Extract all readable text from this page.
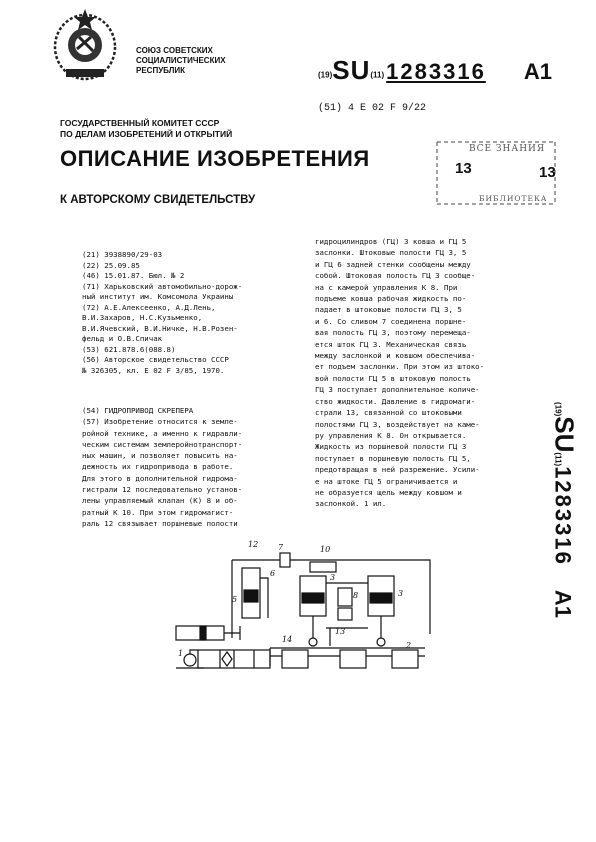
СОЮЗ СОВЕТСКИХ
СОЦИАЛИСТИЧЕСКИХ
РЕСПУБЛИК	(19)SU(11)1283316 A1
(51) 4 E 02 F 9/22
ГОСУДАРСТВЕННЫЙ КОМИТЕТ СССР
ПО ДЕЛАМ ИЗОБРЕТЕНИЙ И ОТКРЫТИЙ
ОПИСАНИЕ ИЗОБРЕТЕНИЯ
К АВТОРСКОМУ СВИДЕТЕЛЬСТВУ
ВСЕ ЗНАНИЯ
13	13
БИБЛИОТЕКА
(21) 3938890/29-03
(22) 25.09.85
(46) 15.01.87. Бюл. № 2
(71) Харьковский автомобильно-дорож-
ный институт им. Комсомола Украины
(72) А.Е.Алексеенко, А.Д.Лень,
В.И.Захаров, Н.С.Кузьменко,
В.И.Ячевский, В.И.Ничке, Н.В.Розен-
фельд и О.В.Спичак
(53) 621.878.6(088.8)
(56) Авторское свидетельство СССР
№ 326305, кл. E 02 F 3/85, 1970.
(54) ГИДРОПРИВОД СКРЕПЕРА
(57) Изобретение относится к земле-
ройной технике, а именно к гидравли-
ческим системам землеройнотранспорт-
ных машин, и позволяет повысить на-
дежность их гидропривода в работе.
Для этого в дополнительной гидрома-
гистрали 12 последовательно установ-
лены управляемый клапан (К) 8 и об-
ратный К 10. При этом гидромагист-
раль 12 связывает поршневые полости
гидроцилиндров (ГЦ) 3 ковша и ГЦ 5
заслонки. Штоковые полости ГЦ 3, 5
и ГЦ 6 задней стенки сообщены между
собой. Штоковая полость ГЦ 3 сообще-
на с камерой управления К 8. При
подъеме ковша рабочая жидкость по-
падает в штоковые полости ГЦ 3, 5
и 6. Со сливом 7 соединена поршне-
вая полость ГЦ 3, поэтому перемеща-
ется шток ГЦ 3. Механическая связь
между заслонкой и ковшом обеспечива-
ет подъем заслонки. При этом из штоко-
вой полости ГЦ 5 в штоковую полость
ГЦ 3 поступает дополнительное количе-
ство жидкости. Давление в гидромаги-
страли 13, связанной со штоковыми
полостями ГЦ 3, воздействует на каме-
ру управления К 8. Он открывается.
Жидкость из поршневой полости ГЦ 3
поступает в поршневую полость ГЦ 5,
предотвращая в ней разрежение. Усили-
е на штоке ГЦ 5 ограничивается и
не образуется щель между ковшом и
заслонкой. 1 ил.
(19)SU(11)1283316A1
12 7	10
8
6
5
3
3
13
2
1
14
